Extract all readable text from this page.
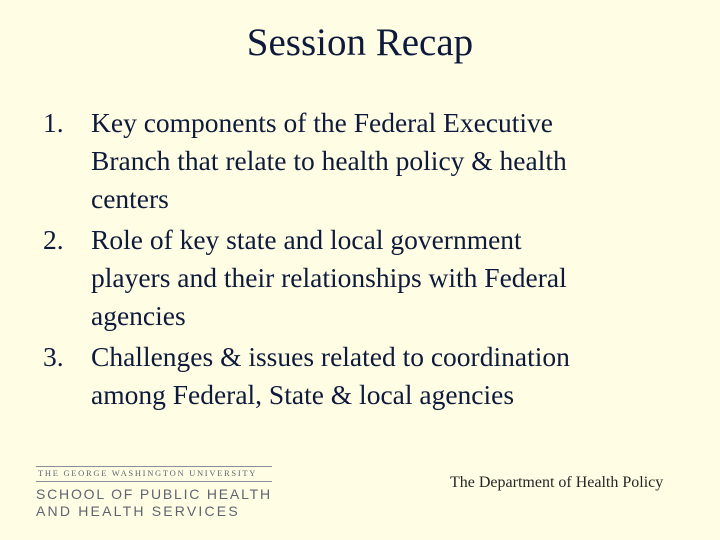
Session Recap
1. Key components of the Federal Executive
Branch that relate to health policy & health
centers
2. Role of key state and local government
players and their relationships with Federal
agencies
3. Challenges & issues related to coordination
among Federal, State & local agencies
THE GEORGE WASHINGTON UNIVERSITY
SCHOOL OF PUBLIC HEALTH
AND HEALTH SERVICES
The Department of Health Policy
